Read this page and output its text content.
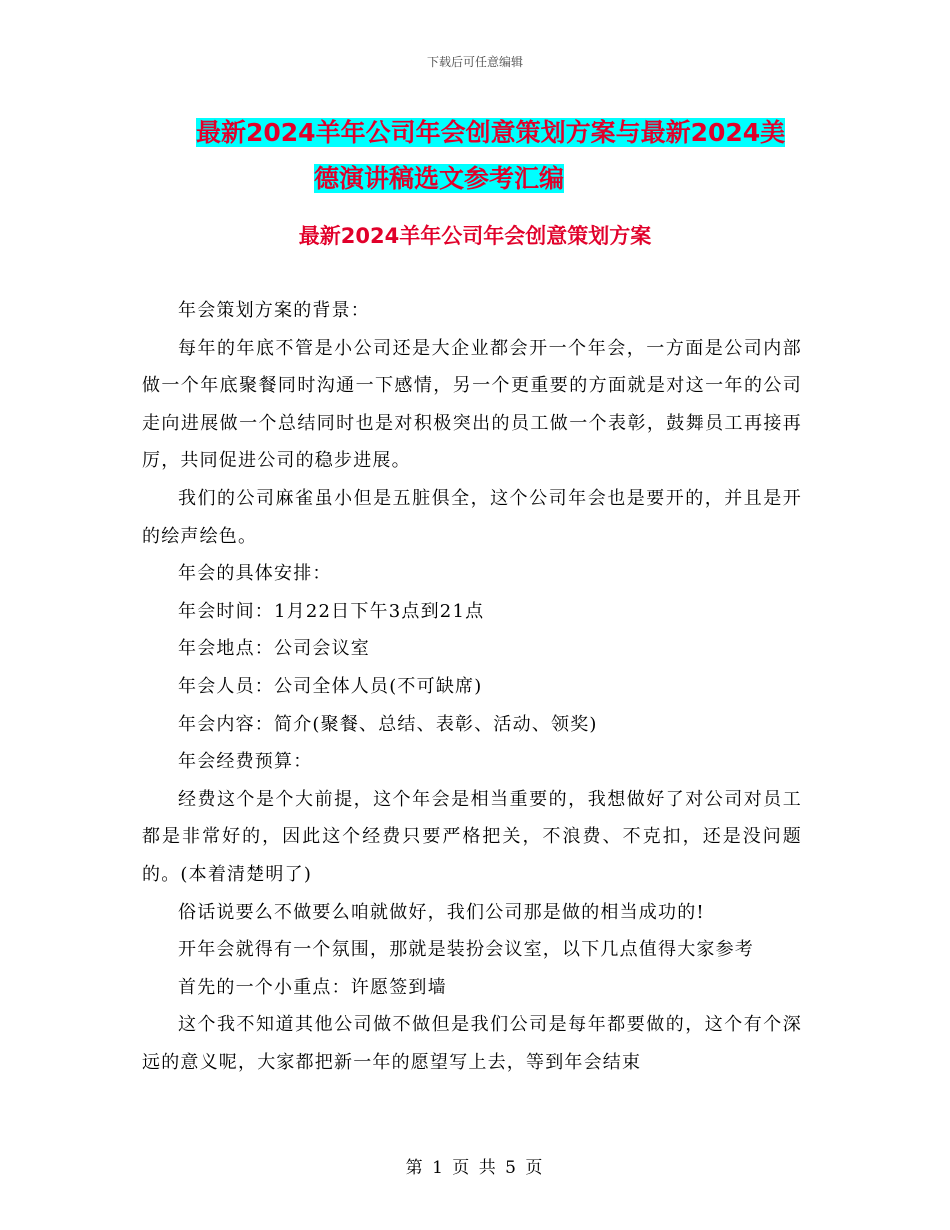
下载后可任意编辑
最新2024羊年公司年会创意策划方案与最新2024美
德演讲稿选文参考汇编
最新2024羊年公司年会创意策划方案

年会策划方案的背景：

每年的年底不管是小公司还是大企业都会开一个年会，一方面是公司内部做一个年底聚餐同时沟通一下感情，另一个更重要的方面就是对这一年的公司走向进展做一个总结同时也是对积极突出的员工做一个表彰，鼓舞员工再接再厉，共同促进公司的稳步进展。

我们的公司麻雀虽小但是五脏俱全，这个公司年会也是要开的，并且是开的绘声绘色。

年会的具体安排：

年会时间：1月22日下午3点到21点

年会地点：公司会议室

年会人员：公司全体人员(不可缺席)

年会内容：简介(聚餐、总结、表彰、活动、领奖)

年会经费预算：

经费这个是个大前提，这个年会是相当重要的，我想做好了对公司对员工都是非常好的，因此这个经费只要严格把关，不浪费、不克扣，还是没问题的。(本着清楚明了)

俗话说要么不做要么咱就做好，我们公司那是做的相当成功的!

开年会就得有一个氛围，那就是装扮会议室，以下几点值得大家参考

首先的一个小重点：许愿签到墙

这个我不知道其他公司做不做但是我们公司是每年都要做的，这个有个深远的意义呢，大家都把新一年的愿望写上去，等到年会结束

第 1 页 共 5 页
